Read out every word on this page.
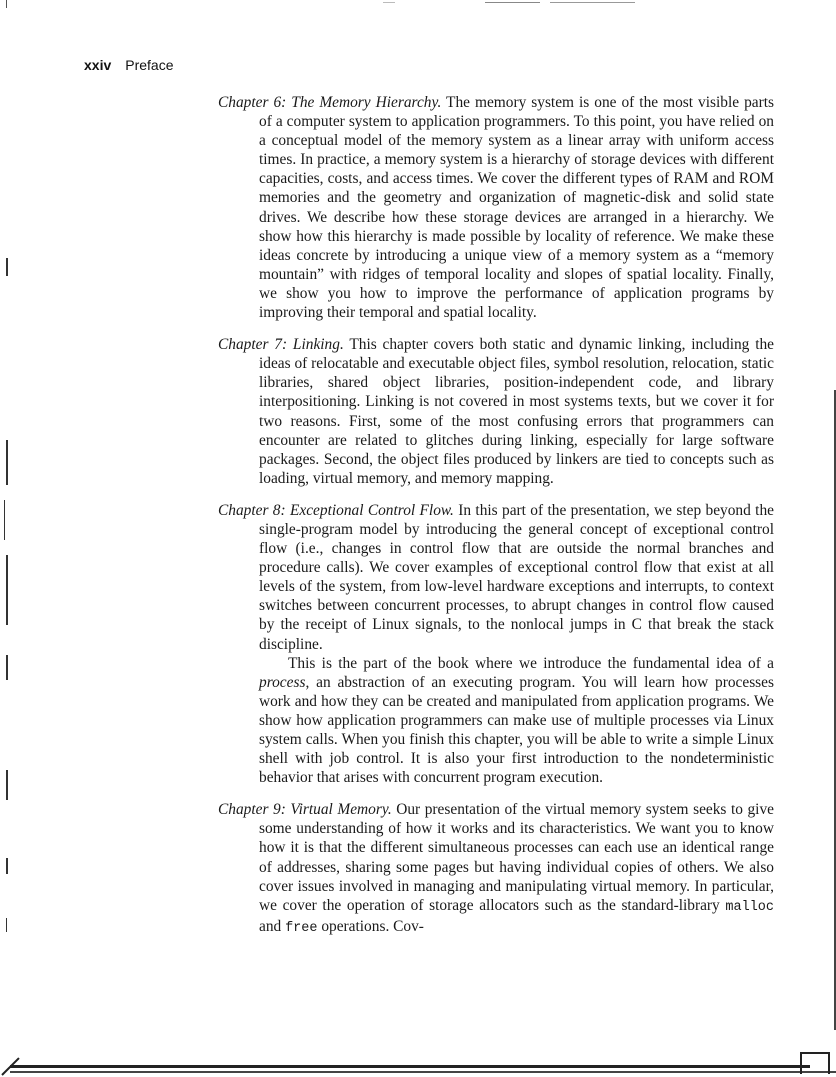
xxiv Preface

Chapter 6: The Memory Hierarchy. The memory system is one of the most visible parts of a computer system to application programmers. To this point, you have relied on a conceptual model of the memory system as a linear array with uniform access times. In practice, a memory system is a hierarchy of storage devices with different capacities, costs, and access times. We cover the different types of RAM and ROM memories and the geometry and organization of magnetic-disk and solid state drives. We describe how these storage devices are arranged in a hierarchy. We show how this hierarchy is made possible by locality of reference. We make these ideas concrete by introducing a unique view of a memory system as a “memory mountain” with ridges of temporal locality and slopes of spatial locality. Finally, we show you how to improve the performance of application programs by improving their temporal and spatial locality.

Chapter 7: Linking. This chapter covers both static and dynamic linking, including the ideas of relocatable and executable object files, symbol resolution, relocation, static libraries, shared object libraries, position-independent code, and library interpositioning. Linking is not covered in most systems texts, but we cover it for two reasons. First, some of the most confusing errors that programmers can encounter are related to glitches during linking, especially for large software packages. Second, the object files produced by linkers are tied to concepts such as loading, virtual memory, and memory mapping.

Chapter 8: Exceptional Control Flow. In this part of the presentation, we step beyond the single-program model by introducing the general concept of exceptional control flow (i.e., changes in control flow that are outside the normal branches and procedure calls). We cover examples of exceptional control flow that exist at all levels of the system, from low-level hardware exceptions and interrupts, to context switches between concurrent processes, to abrupt changes in control flow caused by the receipt of Linux signals, to the nonlocal jumps in C that break the stack discipline.

This is the part of the book where we introduce the fundamental idea of a process, an abstraction of an executing program. You will learn how processes work and how they can be created and manipulated from application programs. We show how application programmers can make use of multiple processes via Linux system calls. When you finish this chapter, you will be able to write a simple Linux shell with job control. It is also your first introduction to the nondeterministic behavior that arises with concurrent program execution.

Chapter 9: Virtual Memory. Our presentation of the virtual memory system seeks to give some understanding of how it works and its characteristics. We want you to know how it is that the different simultaneous processes can each use an identical range of addresses, sharing some pages but having individual copies of others. We also cover issues involved in managing and manipulating virtual memory. In particular, we cover the operation of storage allocators such as the standard-library malloc and free operations. Cov-
